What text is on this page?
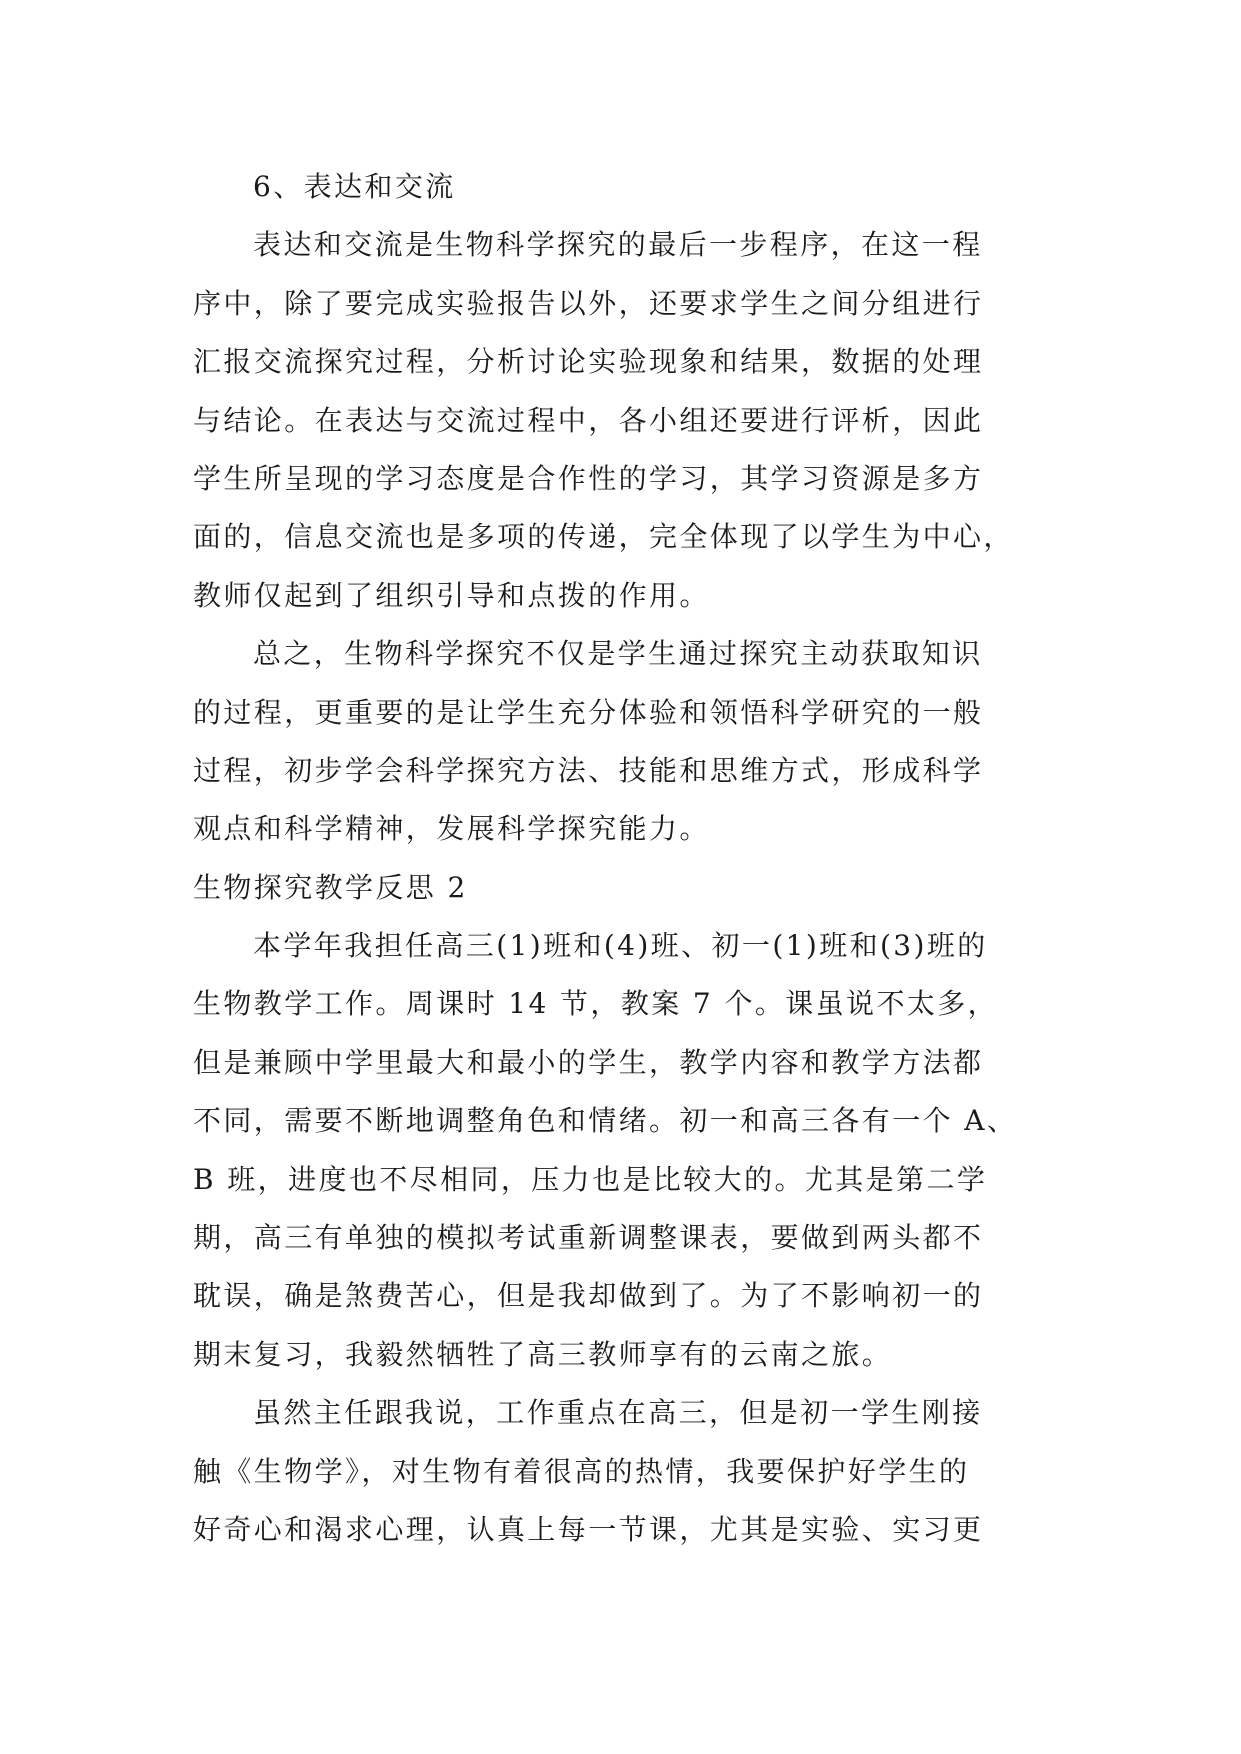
6、表达和交流
表达和交流是生物科学探究的最后一步程序，在这一程
序中，除了要完成实验报告以外，还要求学生之间分组进行
汇报交流探究过程，分析讨论实验现象和结果，数据的处理
与结论。在表达与交流过程中，各小组还要进行评析，因此
学生所呈现的学习态度是合作性的学习，其学习资源是多方
面的，信息交流也是多项的传递，完全体现了以学生为中心，
教师仅起到了组织引导和点拨的作用。
总之，生物科学探究不仅是学生通过探究主动获取知识
的过程，更重要的是让学生充分体验和领悟科学研究的一般
过程，初步学会科学探究方法、技能和思维方式，形成科学
观点和科学精神，发展科学探究能力。
生物探究教学反思 2
本学年我担任高三(1)班和(4)班、初一(1)班和(3)班的
生物教学工作。周课时 14 节，教案 7 个。课虽说不太多，
但是兼顾中学里最大和最小的学生，教学内容和教学方法都
不同，需要不断地调整角色和情绪。初一和高三各有一个 A、
B 班，进度也不尽相同，压力也是比较大的。尤其是第二学
期，高三有单独的模拟考试重新调整课表，要做到两头都不
耽误，确是煞费苦心，但是我却做到了。为了不影响初一的
期末复习，我毅然牺牲了高三教师享有的云南之旅。
虽然主任跟我说，工作重点在高三，但是初一学生刚接
触《生物学》，对生物有着很高的热情，我要保护好学生的
好奇心和渴求心理，认真上每一节课，尤其是实验、实习更
